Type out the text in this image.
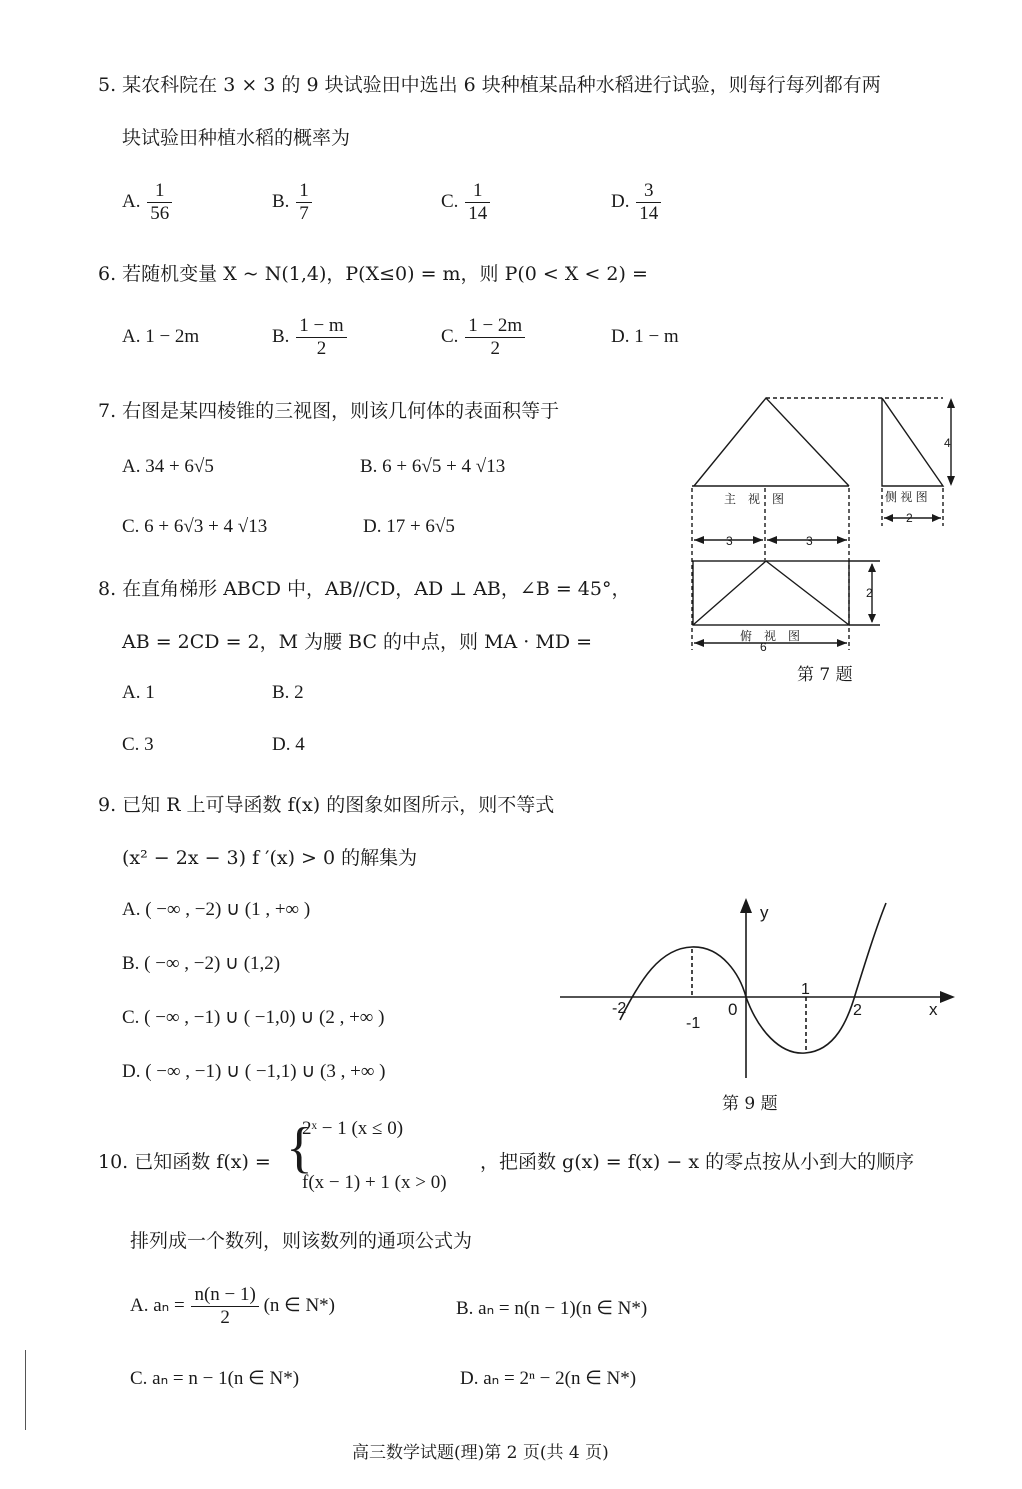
5. 某农科院在 3 × 3 的 9 块试验田中选出 6 块种植某品种水稻进行试验，则每行每列都有两
块试验田种植水稻的概率为
A. $\frac{1}{56}$	B. $\frac{1}{7}$	C. $\frac{1}{14}$	D. $\frac{3}{14}$
6. 若随机变量 X ~ N(1,4)，P(X≤0) = m，则 P(0 < X < 2) =
A. 1 − 2m	B. $\frac{1 - m}{2}$	C. $\frac{1 - 2m}{2}$	D. 1 − m
7. 右图是某四棱锥的三视图，则该几何体的表面积等于
A. 34 + 6√5	B. 6 + 6√5 + 4 √13
C. 6 + 6√3 + 4 √13	D. 17 + 6√5
主　视　图	侧 视 图
俯　视　图
3	3
4
2
2
6
第 7 题
8. 在直角梯形 ABCD 中，AB//CD，AD ⊥ AB，∠B = 45°，
AB = 2CD = 2，M 为腰 BC 的中点，则 MA · MD =
A. 1	B. 2
C. 3	D. 4
9. 已知 R 上可导函数 f(x) 的图象如图所示，则不等式
(x² − 2x − 3) f ′(x) > 0 的解集为
A. ( −∞ , −2) ∪ (1 , +∞ )
B. ( −∞ , −2) ∪ (1,2)
C. ( −∞ , −1) ∪ ( −1,0) ∪ (2 , +∞ )
D. ( −∞ , −1) ∪ ( −1,1) ∪ (3 , +∞ )
y
x
0
-2
-1
1
2
第 9 题
10. 已知函数 f(x) = {
2ˣ − 1 (x ≤ 0)
f(x − 1) + 1 (x > 0)
，把函数 g(x) = f(x) − x 的零点按从小到大的顺序
排列成一个数列，则该数列的通项公式为
A. $a_n = \frac{n(n - 1)}{2} (n$ ∈ N*)	B. aₙ = n(n − 1)(n ∈ N*)
C. aₙ = n − 1(n ∈ N*)	D. aₙ = 2ⁿ − 2(n ∈ N*)
高三数学试题(理)第 2 页(共 4 页)
